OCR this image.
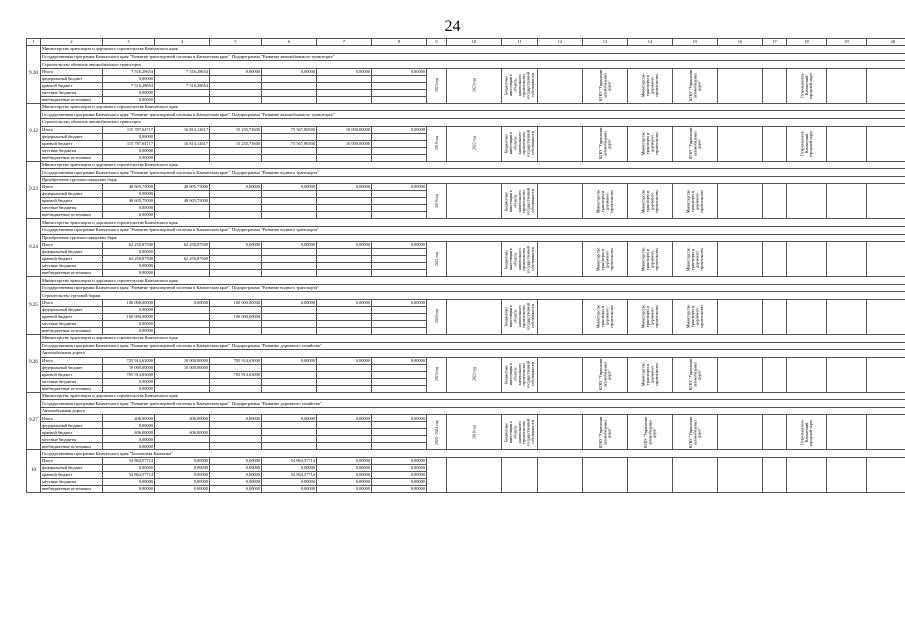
24
1	2	3	4	5	6	7	8	9	10	11	12	13	14	15	16	17	18	19	20
9.20	Министерство транспорта и дорожного строительства Камчатского края																		
	Государственная программа Камчатского края "Развитие транспортной системы в Камчатском крае". Подпрограмма "Развитие автомобильного транспорта"																		
	Строительство объектов автомобильного транспорта																		
	Итого	7 516,28654	7 516,28654	0,00000	0,00000	0,00000	0,00000	2023 год	2023 год	Бюджетные инвестиции в объекты капитального строительства государственной собственности		КГКУ "Управление автомобильных дорог"	Министерство транспорта и дорожного строительства	КГКУ "Управление автомобильных дорог"			Петропавловск-Камчатский городской округ		
	федеральный бюджет	0,00000																	
	краевой бюджет	7 516,28654	7 516,28654																
	местные бюджеты	0,00000																	
	внебюджетные источники	0,00000																	
9.12	Министерство транспорта и дорожного строительства Камчатского края																		
	Государственная программа Камчатского края "Развитие транспортной системы в Камчатском крае". Подпрограмма "Развитие автомобильного транспорта"																		
	Строительство объектов автомобильного транспорта																		
	Итого	115 787,64717	16 814,12617	15 235,71600	75 567,80500	10 000,00000	0,00000	2019 год	2022 год	Бюджетные инвестиции в объекты капитального строительства государственной собственности		КГКУ "Управление автомобильных дорог"	Министерство транспорта и дорожного строительства	КГКУ "Управление автомобильных дорог"			Петропавловск-Камчатский городской округ		
	федеральный бюджет	0,00000																	
	краевой бюджет	115 787,64717	16 814,12617	15 235,71600	75 567,80500	10 000,00000													
	местные бюджеты	0,00000																	
	внебюджетные источники	0,00000																	
9.23	Министерство транспорта и дорожного строительства Камчатского края																		
	Государственная программа Камчатского края "Развитие транспортной системы в Камчатском крае". Подпрограмма "Развитие водного транспорта"																		
	Приобретение грузопассажирских барж																		
	Итого	48 605,75000	48 605,75000	0,00000	0,00000	0,00000	0,00000	2019 год		Бюджетные инвестиции в объекты капитального строительства государственной собственности		Министерство транспорта и дорожного строительства	Министерство транспорта и дорожного строительства	Министерство транспорта и дорожного строительства					
	федеральный бюджет	0,00000																	
	краевой бюджет	48 605,75000	48 605,75000																
	местные бюджеты	0,00000																	
	внебюджетные источники	0,00000																	
9.24	Министерство транспорта и дорожного строительства Камчатского края																		
	Государственная программа Камчатского края "Развитие транспортной системы в Камчатском крае". Подпрограмма "Развитие водного транспорта"																		
	Приобретение грузопассажирских барж																		
	Итого	62 250,87500	62 250,87500	0,00000	0,00000	0,00000	0,00000	2021 год		Бюджетные инвестиции в объекты капитального строительства государственной собственности		Министерство транспорта и дорожного строительства	Министерство транспорта и дорожного строительства	Министерство транспорта и дорожного строительства					
	федеральный бюджет	0,00000																	
	краевой бюджет	62 250,87500	62 250,87500																
	местные бюджеты	0,00000																	
	внебюджетные источники	0,00000																	
9.25	Министерство транспорта и дорожного строительства Камчатского края																		
	Государственная программа Камчатского края "Развитие транспортной системы в Камчатском крае". Подпрограмма "Развитие водного транспорта"																		
	Строительство грузовой баржи																		
	Итого	100 000,00000	0,00000	100 000,00000	0,00000	0,00000	0,00000	2020 год		Бюджетные инвестиции в объекты капитального строительства государственной собственности		Министерство транспорта и дорожного строительства	Министерство транспорта и дорожного строительства	Министерство транспорта и дорожного строительства					
	федеральный бюджет	0,00000																	
	краевой бюджет	100 000,00000		100 000,00000															
	местные бюджеты	0,00000																	
	внебюджетные источники	0,00000																	
9.26	Министерство транспорта и дорожного строительства Камчатского края																		
	Государственная программа Камчатского края "Развитие транспортной системы в Камчатском крае". Подпрограмма "Развитие дорожного хозяйства"																		
	Автомобильная дорога																		
	Итого	725 914,63000	10 000,00000	705 914,63000	0,00000	0,00000	0,00000	2023 год	2022 год	Бюджетные инвестиции в объекты капитального строительства государственной собственности		КГКУ "Управление автомобильных дорог"	Министерство транспорта и дорожного строительства	КГКУ "Управление автомобильных дорог"					
	федеральный бюджет	10 000,00000	10 000,00000																
	краевой бюджет	705 914,63000		705 914,63000															
	местные бюджеты	0,00000																	
	внебюджетные источники	0,00000																	
9.27	Министерство транспорта и дорожного строительства Камчатского края																		
	Государственная программа Камчатского края "Развитие транспортной системы в Камчатском крае". Подпрограмма "Развитие дорожного хозяйства"																		
	Автомобильная дорога																		
	Итого	406,00000	406,00000	0,00000	0,00000	0,00000	0,00000	2020 - 2024 год	2018 год	Бюджетные инвестиции в объекты капитального строительства государственной собственности		КГКУ "Управление автомобильных дорог"	КГКУ "Управление автомобильных дорог"	КГКУ "Управление автомобильных дорог"			Петропавловск-Камчатский городской округ		
	федеральный бюджет	0,00000																	
	краевой бюджет	406,00000	406,00000																
	местные бюджеты	0,00000																	
	внебюджетные источники	0,00000																	
10	Государственная программа Камчатского края "Безопасная Камчатка"																		
	Итого	54 864,57714	0,00000	0,00000	54 864,57714	0,00000	0,00000												
	федеральный бюджет	0,00000	0,00000	0,00000	0,00000	0,00000	0,00000												
	краевой бюджет	54 864,57714	0,00000	0,00000	54 864,57714	0,00000	0,00000												
	местные бюджеты	0,00000	0,00000	0,00000	0,00000	0,00000	0,00000												
	внебюджетные источники	0,00000	0,00000	0,00000	0,00000	0,00000	0,00000												
